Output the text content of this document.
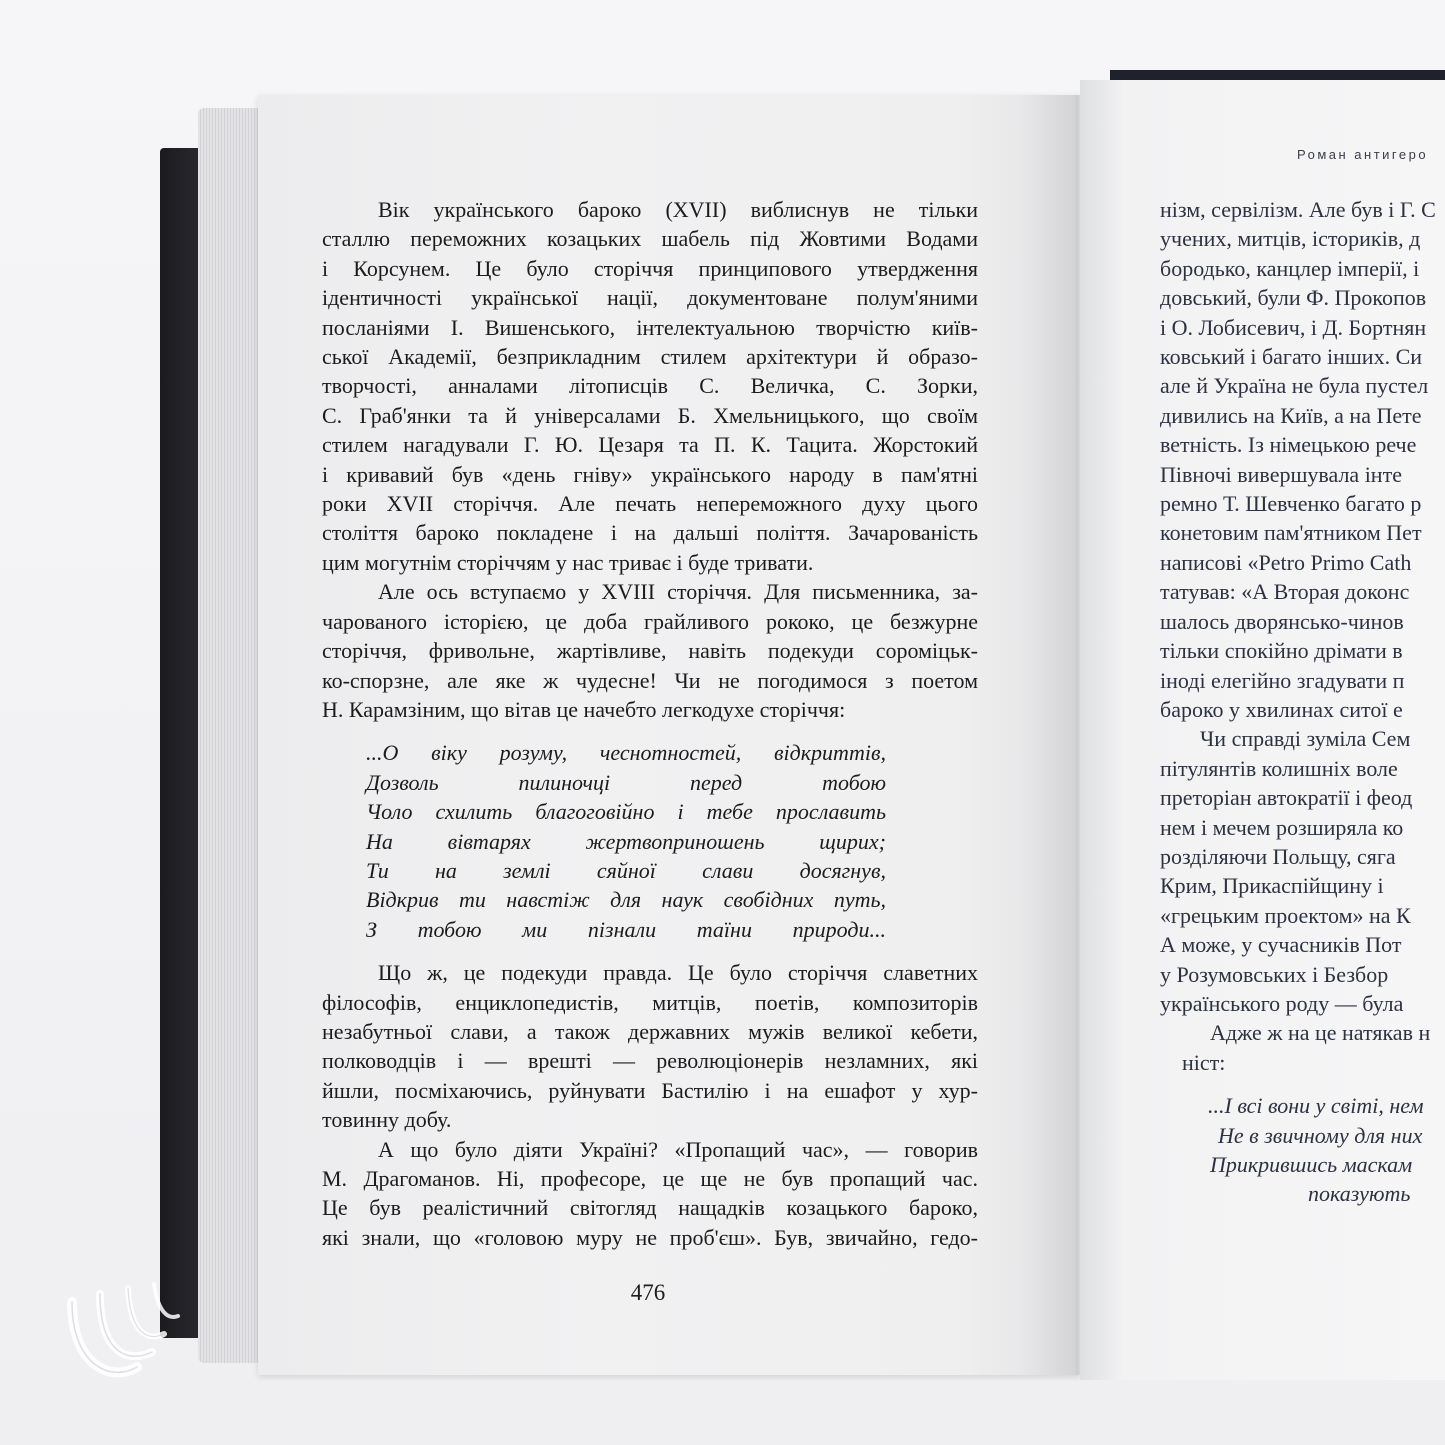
Вік українського бароко (XVII) виблиснув не тільки
сталлю переможних козацьких шабель під Жовтими Водами
і Корсунем. Це було сторіччя принципового утвердження
ідентичності української нації, документоване полум'яними
посланіями І. Вишенського, інтелектуальною творчістю київ-
ської Академії, безприкладним стилем архітектури й образо-
творчості, анналами літописців С. Величка, С. Зорки,
С. Граб'янки та й універсалами Б. Хмельницького, що своїм
стилем нагадували Г. Ю. Цезаря та П. К. Тацита. Жорстокий
і кривавий був «день гніву» українського народу в пам'ятні
роки XVII сторіччя. Але печать непереможного духу цього
століття бароко покладене і на дальші поліття. Зачарованість
цим могутнім сторіччям у нас триває і буде тривати.
Але ось вступаємо у XVIII сторіччя. Для письменника, за-
чарованого історією, це доба грайливого рококо, це безжурне
сторіччя, фривольне, жартівливе, навіть подекуди сороміцьк-
ко-спорзне, але яке ж чудесне! Чи не погодимося з поетом
Н. Карамзіним, що вітав це начебто легкодухе сторіччя:
...О віку розуму, чеснотностей, відкриттів,
Дозволь пилиночці перед тобою
Чоло схилить благоговійно і тебе прославить
На вівтарях жертвоприношень щирих;
Ти на землі сяйної слави досягнув,
Відкрив ти навстіж для наук свобідних путь,
З тобою ми пізнали таїни природи...
Що ж, це подекуди правда. Це було сторіччя славетних
філософів, енциклопедистів, митців, поетів, композиторів
незабутньої слави, а також державних мужів великої кебети,
полководців і — врешті — революціонерів незламних, які
йшли, посміхаючись, руйнувати Бастилію і на ешафот у хур-
товинну добу.
А що було діяти Україні? «Пропащий час», — говорив
М. Драгоманов. Ні, професоре, це ще не був пропащий час.
Це був реалістичний світогляд нащадків козацького бароко,
які знали, що «головою муру не проб'єш». Був, звичайно, гедо-
476
Роман антигеро
нізм, сервілізм. Але був і Г. С
учених, митців, істориків, д
бородько, канцлер імперії, і
довський, були Ф. Прокопов
і О. Лобисевич, і Д. Бортнян
ковський і багато інших. Си
але й Україна не була пустел
дивились на Київ, а на Пете
ветність. Із німецькою рече
Півночі вивершувала інте
ремно Т. Шевченко багато р
конетовим пам'ятником Пет
написові «Petro Primo Cath
татував: «А Вторая доконс
шалось дворянсько-чинов
тільки спокійно дрімати в
іноді елегійно згадувати п
бароко у хвилинах ситої е
Чи справді зуміла Сем
пітулянтів колишніх воле
преторіан автократії і феод
нем і мечем розширяла ко
розділяючи Польщу, сяга
Крим, Прикаспійщину і
«грецьким проектом» на К
А може, у сучасників Пот
у Розумовських і Безбор
українського роду — була
Адже ж на це натякав н
ніст:
...І всі вони у світі, нем
Не в звичному для них
Прикрившись маскам
показують
